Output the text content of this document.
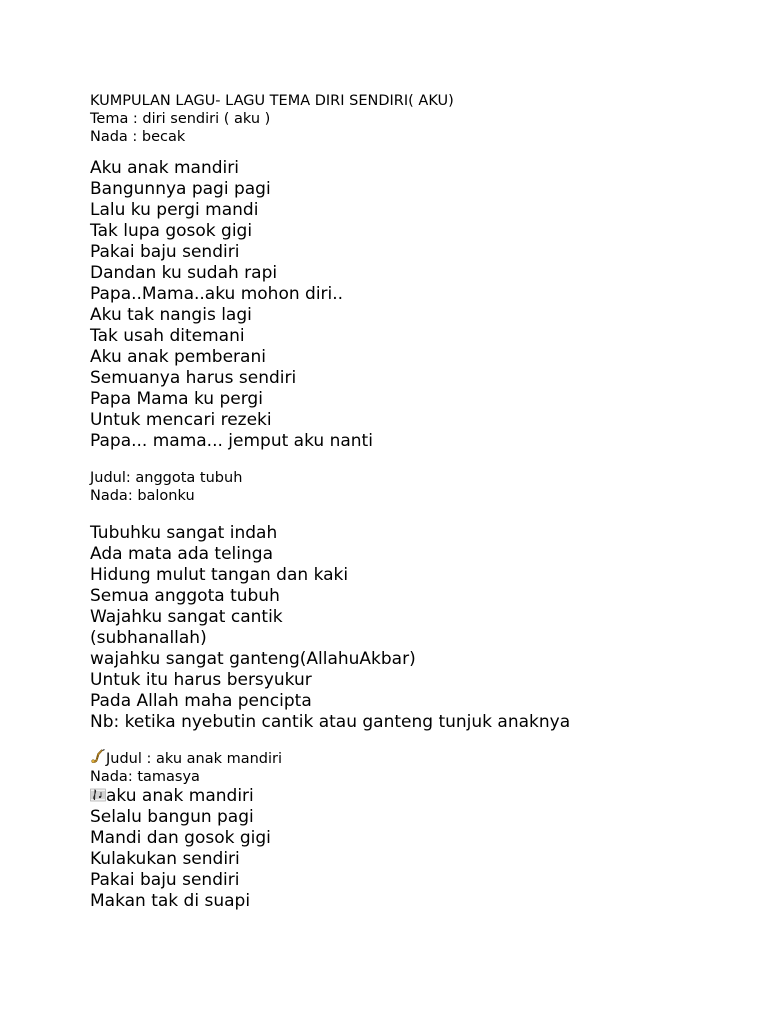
KUMPULAN LAGU- LAGU TEMA DIRI SENDIRI( AKU)
Tema : diri sendiri ( aku )
Nada : becak
Aku anak mandiri
Bangunnya pagi pagi
Lalu ku pergi mandi
Tak lupa gosok gigi
Pakai baju sendiri
Dandan ku sudah rapi
Papa..Mama..aku mohon diri..
Aku tak nangis lagi
Tak usah ditemani
Aku anak pemberani
Semuanya harus sendiri
Papa Mama ku pergi
Untuk mencari rezeki
Papa... mama... jemput aku nanti
Judul: anggota tubuh
Nada: balonku
Tubuhku sangat indah
Ada mata ada telinga
Hidung mulut tangan dan kaki
Semua anggota tubuh
Wajahku sangat cantik
(subhanallah)
wajahku sangat ganteng(AllahuAkbar)
Untuk itu harus bersyukur
Pada Allah maha pencipta
Nb: ketika nyebutin cantik atau ganteng tunjuk anaknya
Judul : aku anak mandiri
Nada: tamasya
aku anak mandiri
Selalu bangun pagi
Mandi dan gosok gigi
Kulakukan sendiri
Pakai baju sendiri
Makan tak di suapi
